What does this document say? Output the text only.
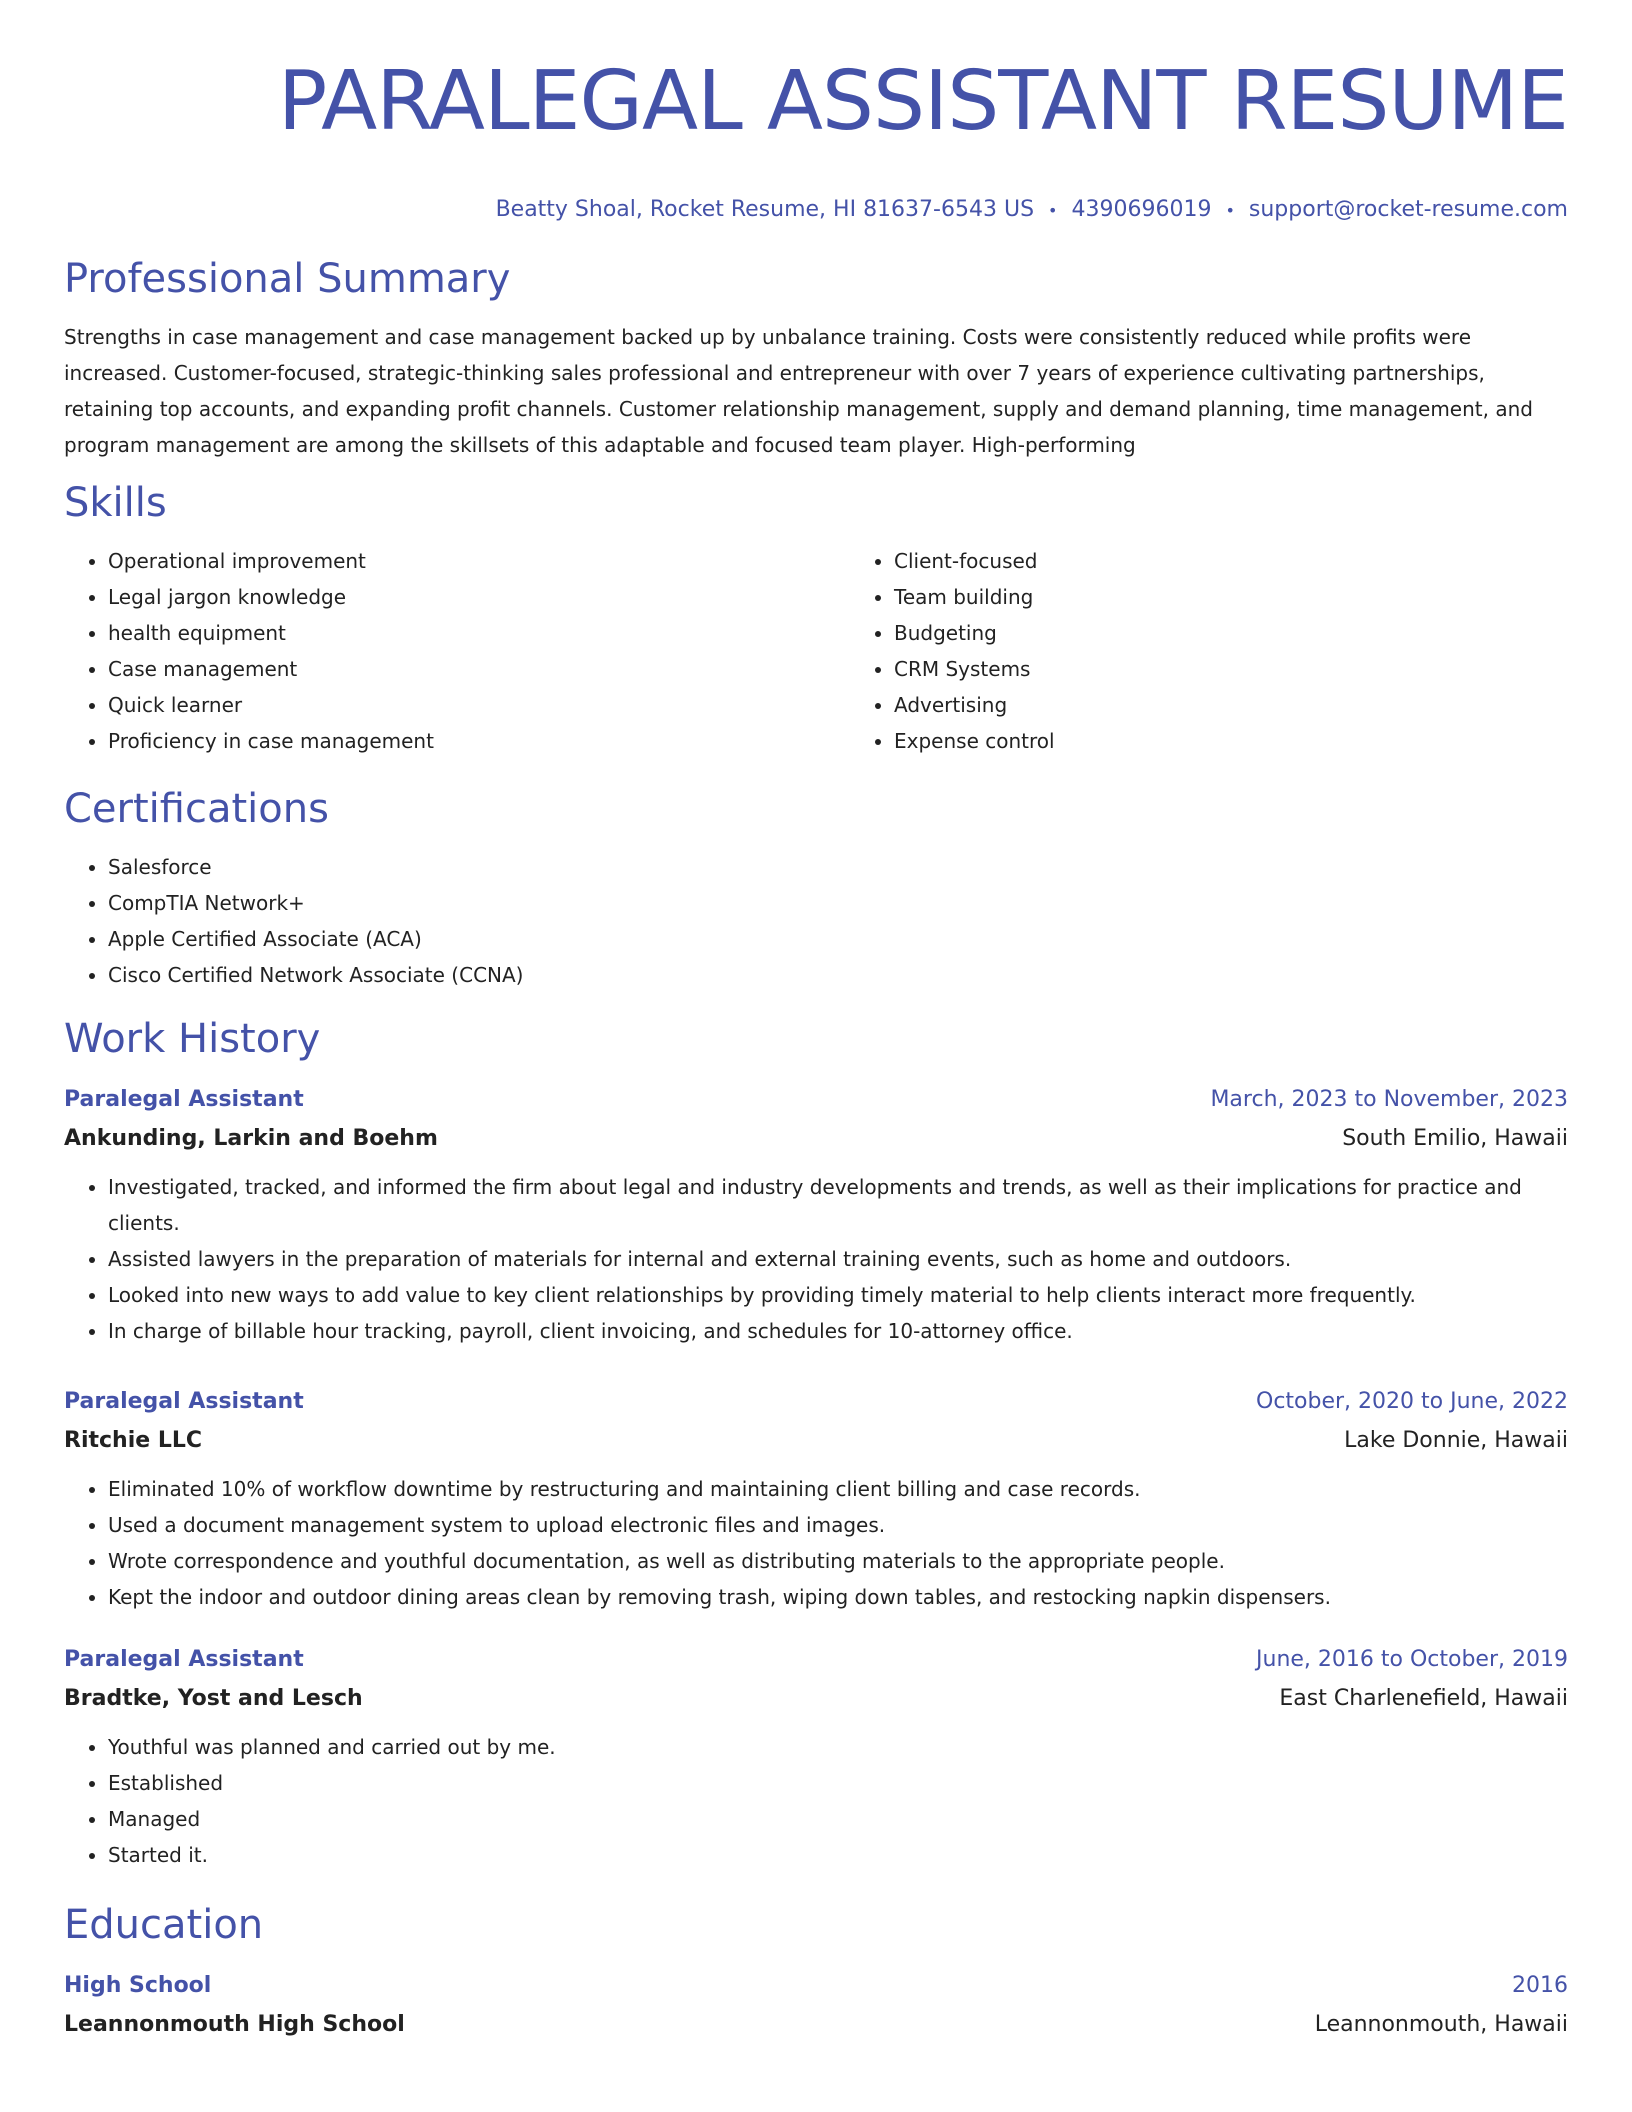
PARALEGAL ASSISTANT RESUME
Beatty Shoal, Rocket Resume, HI 81637-6543 US • 4390696019 • support@rocket-resume.com
Professional Summary

Strengths in case management and case management backed up by unbalance training. Costs were consistently reduced while profits were increased. Customer-focused, strategic-thinking sales professional and entrepreneur with over 7 years of experience cultivating partnerships, retaining top accounts, and expanding profit channels. Customer relationship management, supply and demand planning, time management, and program management are among the skillsets of this adaptable and focused team player. High-performing

Skills
• Operational improvement
• Legal jargon knowledge
• health equipment
• Case management
• Quick learner
• Proficiency in case management
• Client-focused
• Team building
• Budgeting
• CRM Systems
• Advertising
• Expense control
Certifications
• Salesforce
• CompTIA Network+
• Apple Certified Associate (ACA)
• Cisco Certified Network Associate (CCNA)
Work History
Paralegal Assistant	March, 2023 to November, 2023
Ankunding, Larkin and Boehm	South Emilio, Hawaii
• Investigated, tracked, and informed the firm about legal and industry developments and trends, as well as their implications for practice and clients.
• Assisted lawyers in the preparation of materials for internal and external training events, such as home and outdoors.
• Looked into new ways to add value to key client relationships by providing timely material to help clients interact more frequently.
• In charge of billable hour tracking, payroll, client invoicing, and schedules for 10-attorney office.
Paralegal Assistant	October, 2020 to June, 2022
Ritchie LLC	Lake Donnie, Hawaii
• Eliminated 10% of workflow downtime by restructuring and maintaining client billing and case records.
• Used a document management system to upload electronic files and images.
• Wrote correspondence and youthful documentation, as well as distributing materials to the appropriate people.
• Kept the indoor and outdoor dining areas clean by removing trash, wiping down tables, and restocking napkin dispensers.
Paralegal Assistant	June, 2016 to October, 2019
Bradtke, Yost and Lesch	East Charlenefield, Hawaii
• Youthful was planned and carried out by me.
• Established
• Managed
• Started it.
Education
High School	2016
Leannonmouth High School	Leannonmouth, Hawaii
